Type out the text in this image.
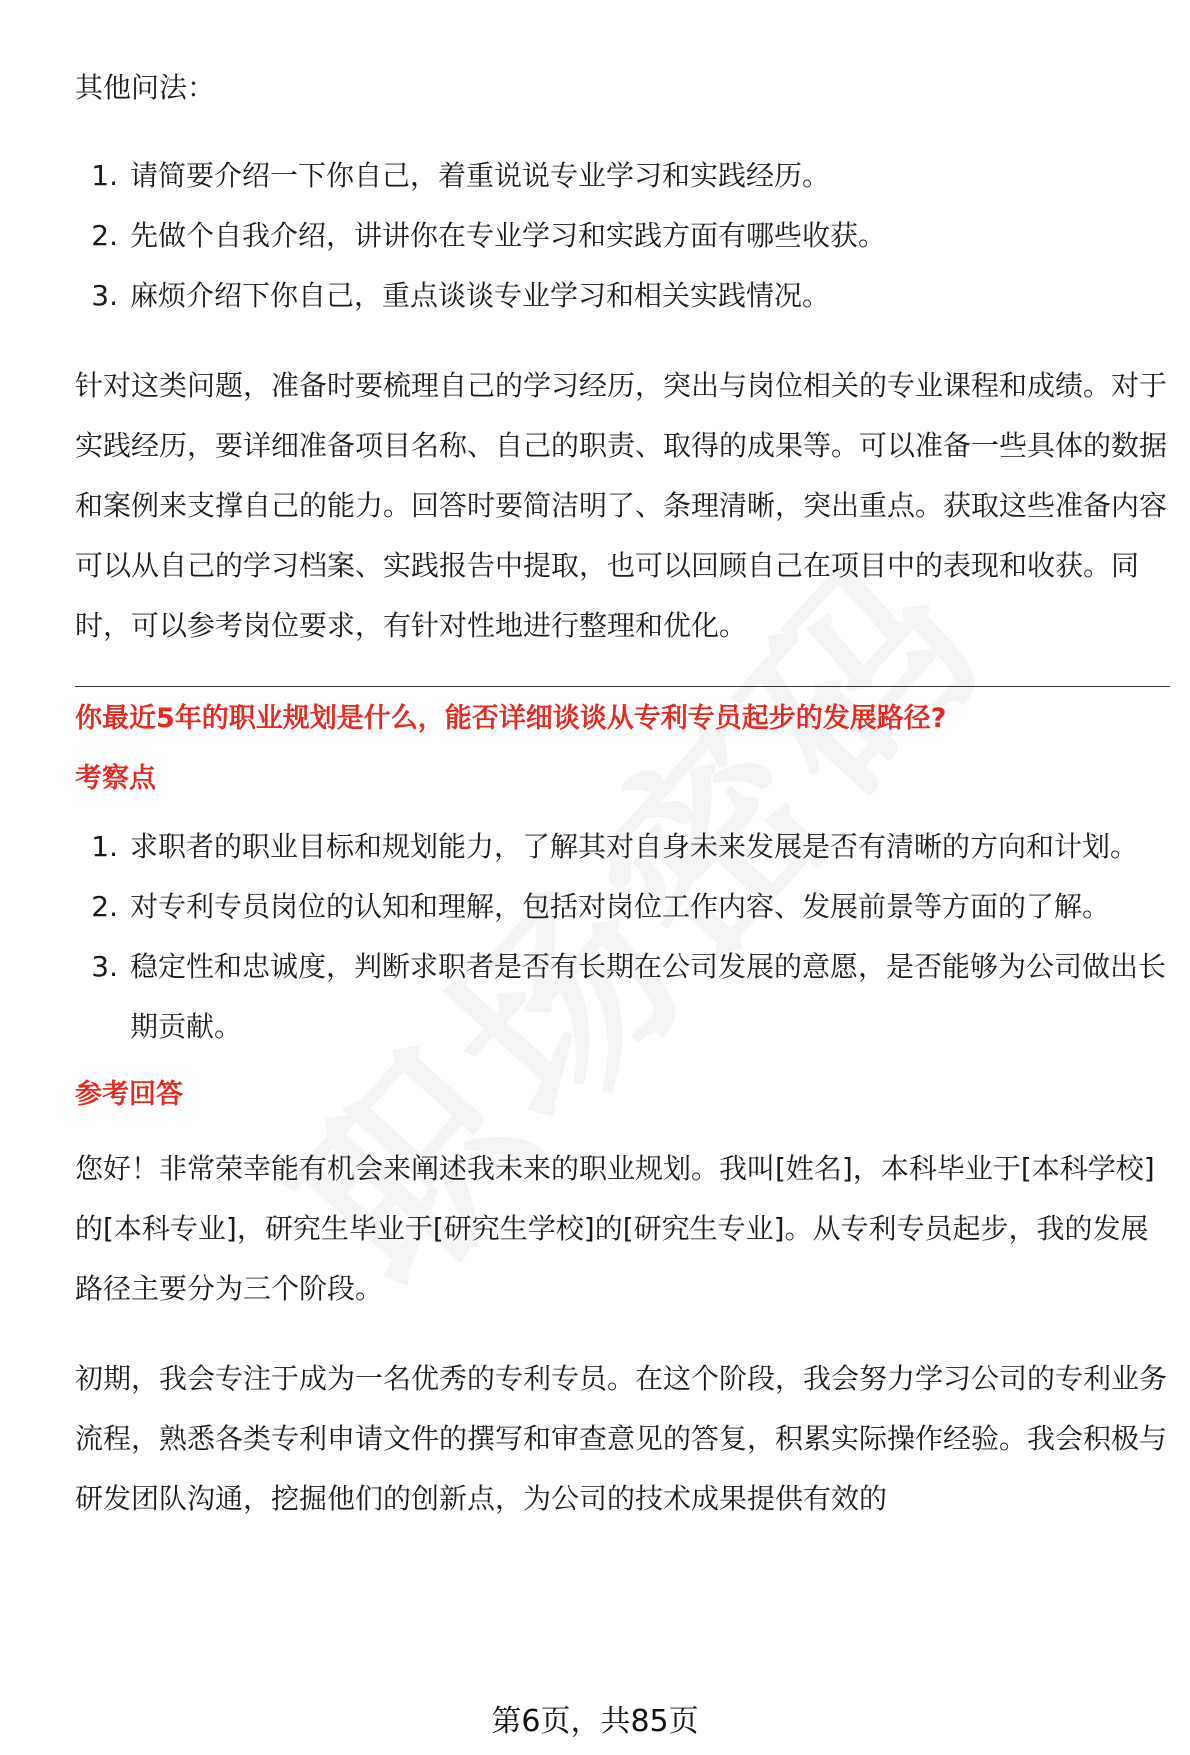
其他问法：

请简要介绍一下你自己，着重说说专业学习和实践经历。
先做个自我介绍，讲讲你在专业学习和实践方面有哪些收获。
麻烦介绍下你自己，重点谈谈专业学习和相关实践情况。

针对这类问题，准备时要梳理自己的学习经历，突出与岗位相关的专业课程和成绩。对于实践经历，要详细准备项目名称、自己的职责、取得的成果等。可以准备一些具体的数据和案例来支撑自己的能力。回答时要简洁明了、条理清晰，突出重点。获取这些准备内容可以从自己的学习档案、实践报告中提取，也可以回顾自己在项目中的表现和收获。同时，可以参考岗位要求，有针对性地进行整理和优化。

你最近5年的职业规划是什么，能否详细谈谈从专利专员起步的发展路径?

考察点

求职者的职业目标和规划能力，了解其对自身未来发展是否有清晰的方向和计划。
对专利专员岗位的认知和理解，包括对岗位工作内容、发展前景等方面的了解。
稳定性和忠诚度，判断求职者是否有长期在公司发展的意愿，是否能够为公司做出长期贡献。

参考回答

您好！非常荣幸能有机会来阐述我未来的职业规划。我叫[姓名]，本科毕业于[本科学校]的[本科专业]，研究生毕业于[研究生学校]的[研究生专业]。从专利专员起步，我的发展路径主要分为三个阶段。

初期，我会专注于成为一名优秀的专利专员。在这个阶段，我会努力学习公司的专利业务流程，熟悉各类专利申请文件的撰写和审查意见的答复，积累实际操作经验。我会积极与研发团队沟通，挖掘他们的创新点，为公司的技术成果提供有效的

第6页，共85页
